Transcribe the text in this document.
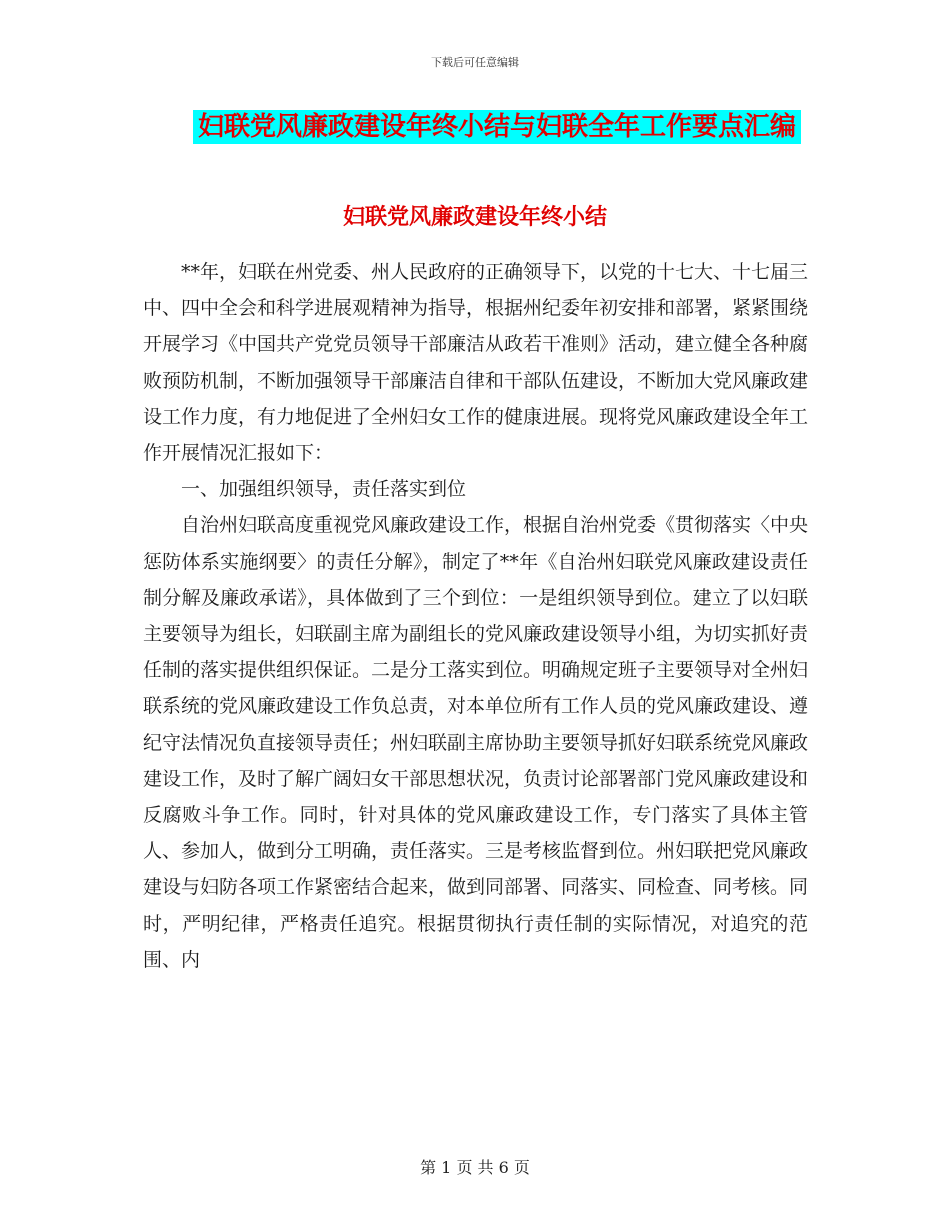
下载后可任意编辑
妇联党风廉政建设年终小结与妇联全年工作要点汇编
妇联党风廉政建设年终小结

**年，妇联在州党委、州人民政府的正确领导下，以党的十七大、十七届三中、四中全会和科学进展观精神为指导，根据州纪委年初安排和部署，紧紧围绕开展学习《中国共产党党员领导干部廉洁从政若干准则》活动，建立健全各种腐败预防机制，不断加强领导干部廉洁自律和干部队伍建设，不断加大党风廉政建设工作力度，有力地促进了全州妇女工作的健康进展。现将党风廉政建设全年工作开展情况汇报如下：

一、加强组织领导，责任落实到位

自治州妇联高度重视党风廉政建设工作，根据自治州党委《贯彻落实〈中央惩防体系实施纲要〉的责任分解》，制定了**年《自治州妇联党风廉政建设责任制分解及廉政承诺》，具体做到了三个到位：一是组织领导到位。建立了以妇联主要领导为组长，妇联副主席为副组长的党风廉政建设领导小组，为切实抓好责任制的落实提供组织保证。二是分工落实到位。明确规定班子主要领导对全州妇联系统的党风廉政建设工作负总责，对本单位所有工作人员的党风廉政建设、遵纪守法情况负直接领导责任；州妇联副主席协助主要领导抓好妇联系统党风廉政建设工作，及时了解广阔妇女干部思想状况，负责讨论部署部门党风廉政建设和反腐败斗争工作。同时，针对具体的党风廉政建设工作，专门落实了具体主管人、参加人，做到分工明确，责任落实。三是考核监督到位。州妇联把党风廉政建设与妇防各项工作紧密结合起来，做到同部署、同落实、同检查、同考核。同时，严明纪律，严格责任追究。根据贯彻执行责任制的实际情况，对追究的范围、内

第 1 页 共 6 页
